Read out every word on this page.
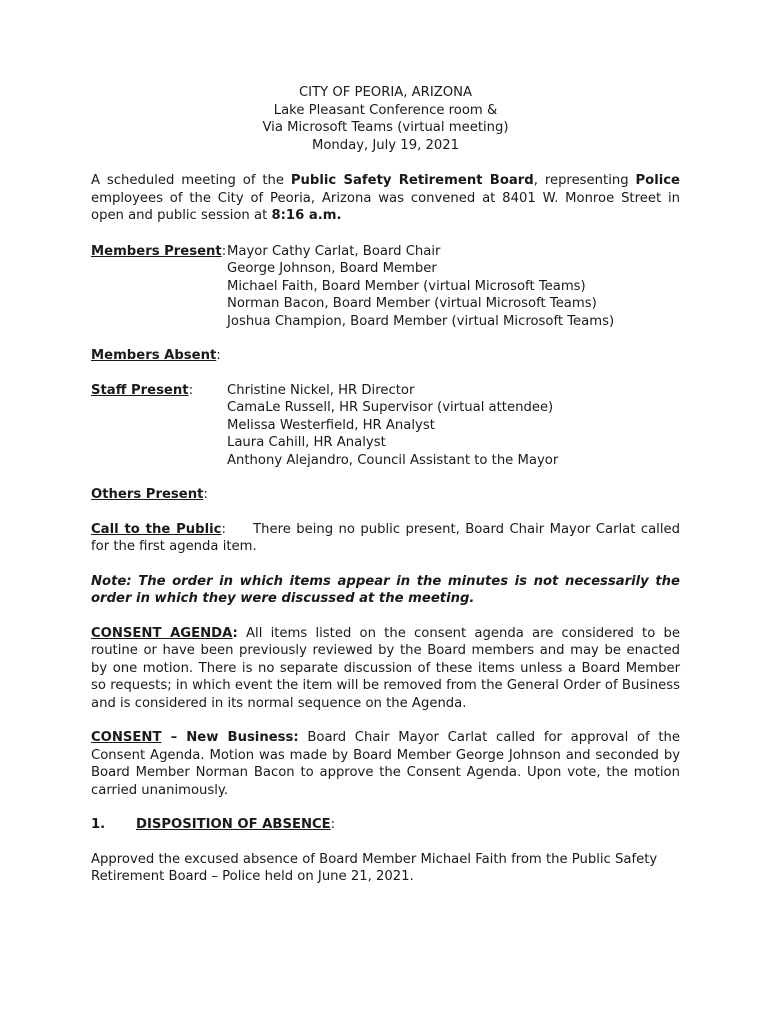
CITY OF PEORIA, ARIZONA
Lake Pleasant Conference room &
Via Microsoft Teams (virtual meeting)
Monday, July 19, 2021

A scheduled meeting of the Public Safety Retirement Board, representing Police employees of the City of Peoria, Arizona was convened at 8401 W. Monroe Street in open and public session at 8:16 a.m.

Members Present: Mayor Cathy Carlat, Board Chair
George Johnson, Board Member
Michael Faith, Board Member (virtual Microsoft Teams)
Norman Bacon, Board Member (virtual Microsoft Teams)
Joshua Champion, Board Member (virtual Microsoft Teams)
Members Absent:
Staff Present:	Christine Nickel, HR Director
CamaLe Russell, HR Supervisor (virtual attendee)
Melissa Westerfield, HR Analyst
Laura Cahill, HR Analyst
Anthony Alejandro, Council Assistant to the Mayor
Others Present:

Call to the Public:     There being no public present, Board Chair Mayor Carlat called for the first agenda item.

Note: The order in which items appear in the minutes is not necessarily the order in which they were discussed at the meeting.

CONSENT AGENDA: All items listed on the consent agenda are considered to be routine or have been previously reviewed by the Board members and may be enacted by one motion. There is no separate discussion of these items unless a Board Member so requests; in which event the item will be removed from the General Order of Business and is considered in its normal sequence on the Agenda.

CONSENT – New Business: Board Chair Mayor Carlat called for approval of the Consent Agenda. Motion was made by Board Member George Johnson and seconded by Board Member Norman Bacon to approve the Consent Agenda. Upon vote, the motion carried unanimously.

1.	DISPOSITION OF ABSENCE:

Approved the excused absence of Board Member Michael Faith from the Public Safety Retirement Board – Police held on June 21, 2021.
